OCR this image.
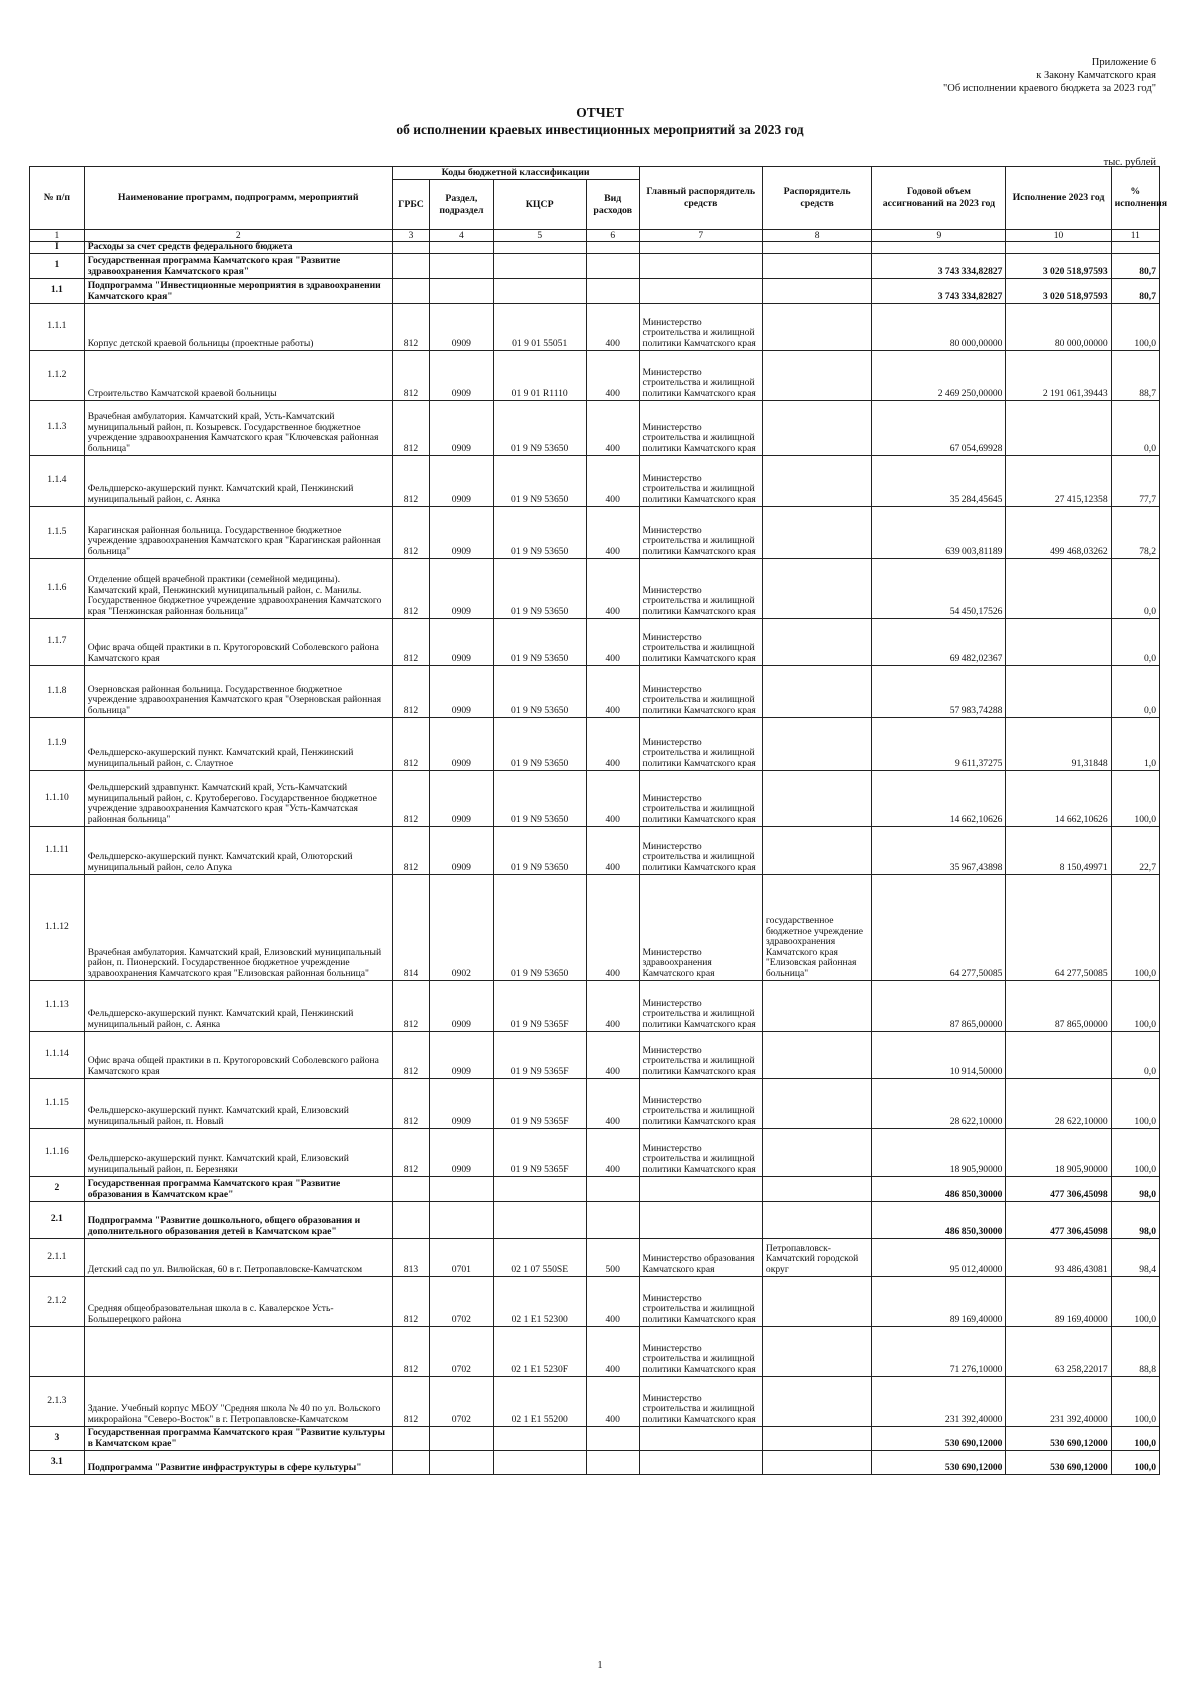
Приложение 6
к Закону Камчатского края
"Об исполнении краевого бюджета за 2023 год"
ОТЧЕТ
об исполнении краевых инвестиционных мероприятий за 2023 год
тыс. рублей
№ п/п	Наименование программ, подпрограмм, мероприятий	Коды бюджетной классификации				Главный распорядитель средств	Распорядитель средств	Годовой объем ассигнований на 2023 год	Исполнение 2023 год	% исполнения
		ГРБС	Раздел, подраздел	КЦСР	Вид расходов					
1	2	3	4	5	6	7	8	9	10	11
I	Расходы за счет средств федерального бюджета									
1	Государственная программа Камчатского края "Развитие здравоохранения Камчатского края"							3 743 334,82827	3 020 518,97593	80,7
1.1	Подпрограмма "Инвестиционные мероприятия в здравоохранении Камчатского края"							3 743 334,82827	3 020 518,97593	80,7
1.1.1	Корпус детской краевой больницы (проектные работы)	812	0909	01 9 01 55051	400	Министерство строительства и жилищной политики Камчатского края		80 000,00000	80 000,00000	100,0
1.1.2	Строительство Камчатской краевой больницы	812	0909	01 9 01 R1110	400	Министерство строительства и жилищной политики Камчатского края		2 469 250,00000	2 191 061,39443	88,7
1.1.3	Врачебная амбулатория. Камчатский край, Усть-Камчатский муниципальный район, п. Козыревск. Государственное бюджетное учреждение здравоохранения Камчатского края "Ключевская районная больница"	812	0909	01 9 N9 53650	400	Министерство строительства и жилищной политики Камчатского края		67 054,69928		0,0
1.1.4	Фельдшерско-акушерский пункт. Камчатский край, Пенжинский муниципальный район, с. Аянка	812	0909	01 9 N9 53650	400	Министерство строительства и жилищной политики Камчатского края		35 284,45645	27 415,12358	77,7
1.1.5	Карагинская районная больница. Государственное бюджетное учреждение здравоохранения Камчатского края "Карагинская районная больница"	812	0909	01 9 N9 53650	400	Министерство строительства и жилищной политики Камчатского края		639 003,81189	499 468,03262	78,2
1.1.6	Отделение общей врачебной практики (семейной медицины). Камчатский край, Пенжинский муниципальный район, с. Манилы. Государственное бюджетное учреждение здравоохранения Камчатского края "Пенжинская районная больница"	812	0909	01 9 N9 53650	400	Министерство строительства и жилищной политики Камчатского края		54 450,17526		0,0
1.1.7	Офис врача общей практики в п. Крутогоровский Соболевского района Камчатского края	812	0909	01 9 N9 53650	400	Министерство строительства и жилищной политики Камчатского края		69 482,02367		0,0
1.1.8	Озерновская районная больница. Государственное бюджетное учреждение здравоохранения Камчатского края "Озерновская районная больница"	812	0909	01 9 N9 53650	400	Министерство строительства и жилищной политики Камчатского края		57 983,74288		0,0
1.1.9	Фельдшерско-акушерский пункт. Камчатский край, Пенжинский муниципальный район, с. Слаутное	812	0909	01 9 N9 53650	400	Министерство строительства и жилищной политики Камчатского края		9 611,37275	91,31848	1,0
1.1.10	Фельдшерский здравпункт. Камчатский край, Усть-Камчатский муниципальный район, с. Крутоберегово. Государственное бюджетное учреждение здравоохранения Камчатского края "Усть-Камчатская районная больница"	812	0909	01 9 N9 53650	400	Министерство строительства и жилищной политики Камчатского края		14 662,10626	14 662,10626	100,0
1.1.11	Фельдшерско-акушерский пункт. Камчатский край, Олюторский муниципальный район, село Апука	812	0909	01 9 N9 53650	400	Министерство строительства и жилищной политики Камчатского края		35 967,43898	8 150,49971	22,7
1.1.12	Врачебная амбулатория. Камчатский край, Елизовский муниципальный район, п. Пионерский. Государственное бюджетное учреждение здравоохранения Камчатского края "Елизовская районная больница"	814	0902	01 9 N9 53650	400	Министерство здравоохранения Камчатского края	государственное бюджетное учреждение здравоохранения Камчатского края "Елизовская районная больница"	64 277,50085	64 277,50085	100,0
1.1.13	Фельдшерско-акушерский пункт. Камчатский край, Пенжинский муниципальный район, с. Аянка	812	0909	01 9 N9 5365F	400	Министерство строительства и жилищной политики Камчатского края		87 865,00000	87 865,00000	100,0
1.1.14	Офис врача общей практики в п. Крутогоровский Соболевского района Камчатского края	812	0909	01 9 N9 5365F	400	Министерство строительства и жилищной политики Камчатского края		10 914,50000		0,0
1.1.15	Фельдшерско-акушерский пункт. Камчатский край, Елизовский муниципальный район, п. Новый	812	0909	01 9 N9 5365F	400	Министерство строительства и жилищной политики Камчатского края		28 622,10000	28 622,10000	100,0
1.1.16	Фельдшерско-акушерский пункт. Камчатский край, Елизовский муниципальный район, п. Березняки	812	0909	01 9 N9 5365F	400	Министерство строительства и жилищной политики Камчатского края		18 905,90000	18 905,90000	100,0
2	Государственная программа Камчатского края "Развитие образования в Камчатском крае"							486 850,30000	477 306,45098	98,0
2.1	Подпрограмма "Развитие дошкольного, общего образования и дополнительного образования детей в Камчатском крае"							486 850,30000	477 306,45098	98,0
2.1.1	Детский сад по ул. Вилюйская, 60 в г. Петропавловске-Камчатском	813	0701	02 1 07 550SE	500	Министерство образования Камчатского края	Петропавловск-Камчатский городской округ	95 012,40000	93 486,43081	98,4
2.1.2	Средняя общеобразовательная школа в с. Кавалерское Усть-Большерецкого района	812	0702	02 1 E1 52300	400	Министерство строительства и жилищной политики Камчатского края		89 169,40000	89 169,40000	100,0
		812	0702	02 1 E1 5230F	400	Министерство строительства и жилищной политики Камчатского края		71 276,10000	63 258,22017	88,8
2.1.3	Здание. Учебный корпус МБОУ "Средняя школа № 40 по ул. Вольского микрорайона "Северо-Восток" в г. Петропавловске-Камчатском	812	0702	02 1 E1 55200	400	Министерство строительства и жилищной политики Камчатского края		231 392,40000	231 392,40000	100,0
3	Государственная программа Камчатского края "Развитие культуры в Камчатском крае"							530 690,12000	530 690,12000	100,0
3.1	Подпрограмма "Развитие инфраструктуры в сфере культуры"							530 690,12000	530 690,12000	100,0
1
